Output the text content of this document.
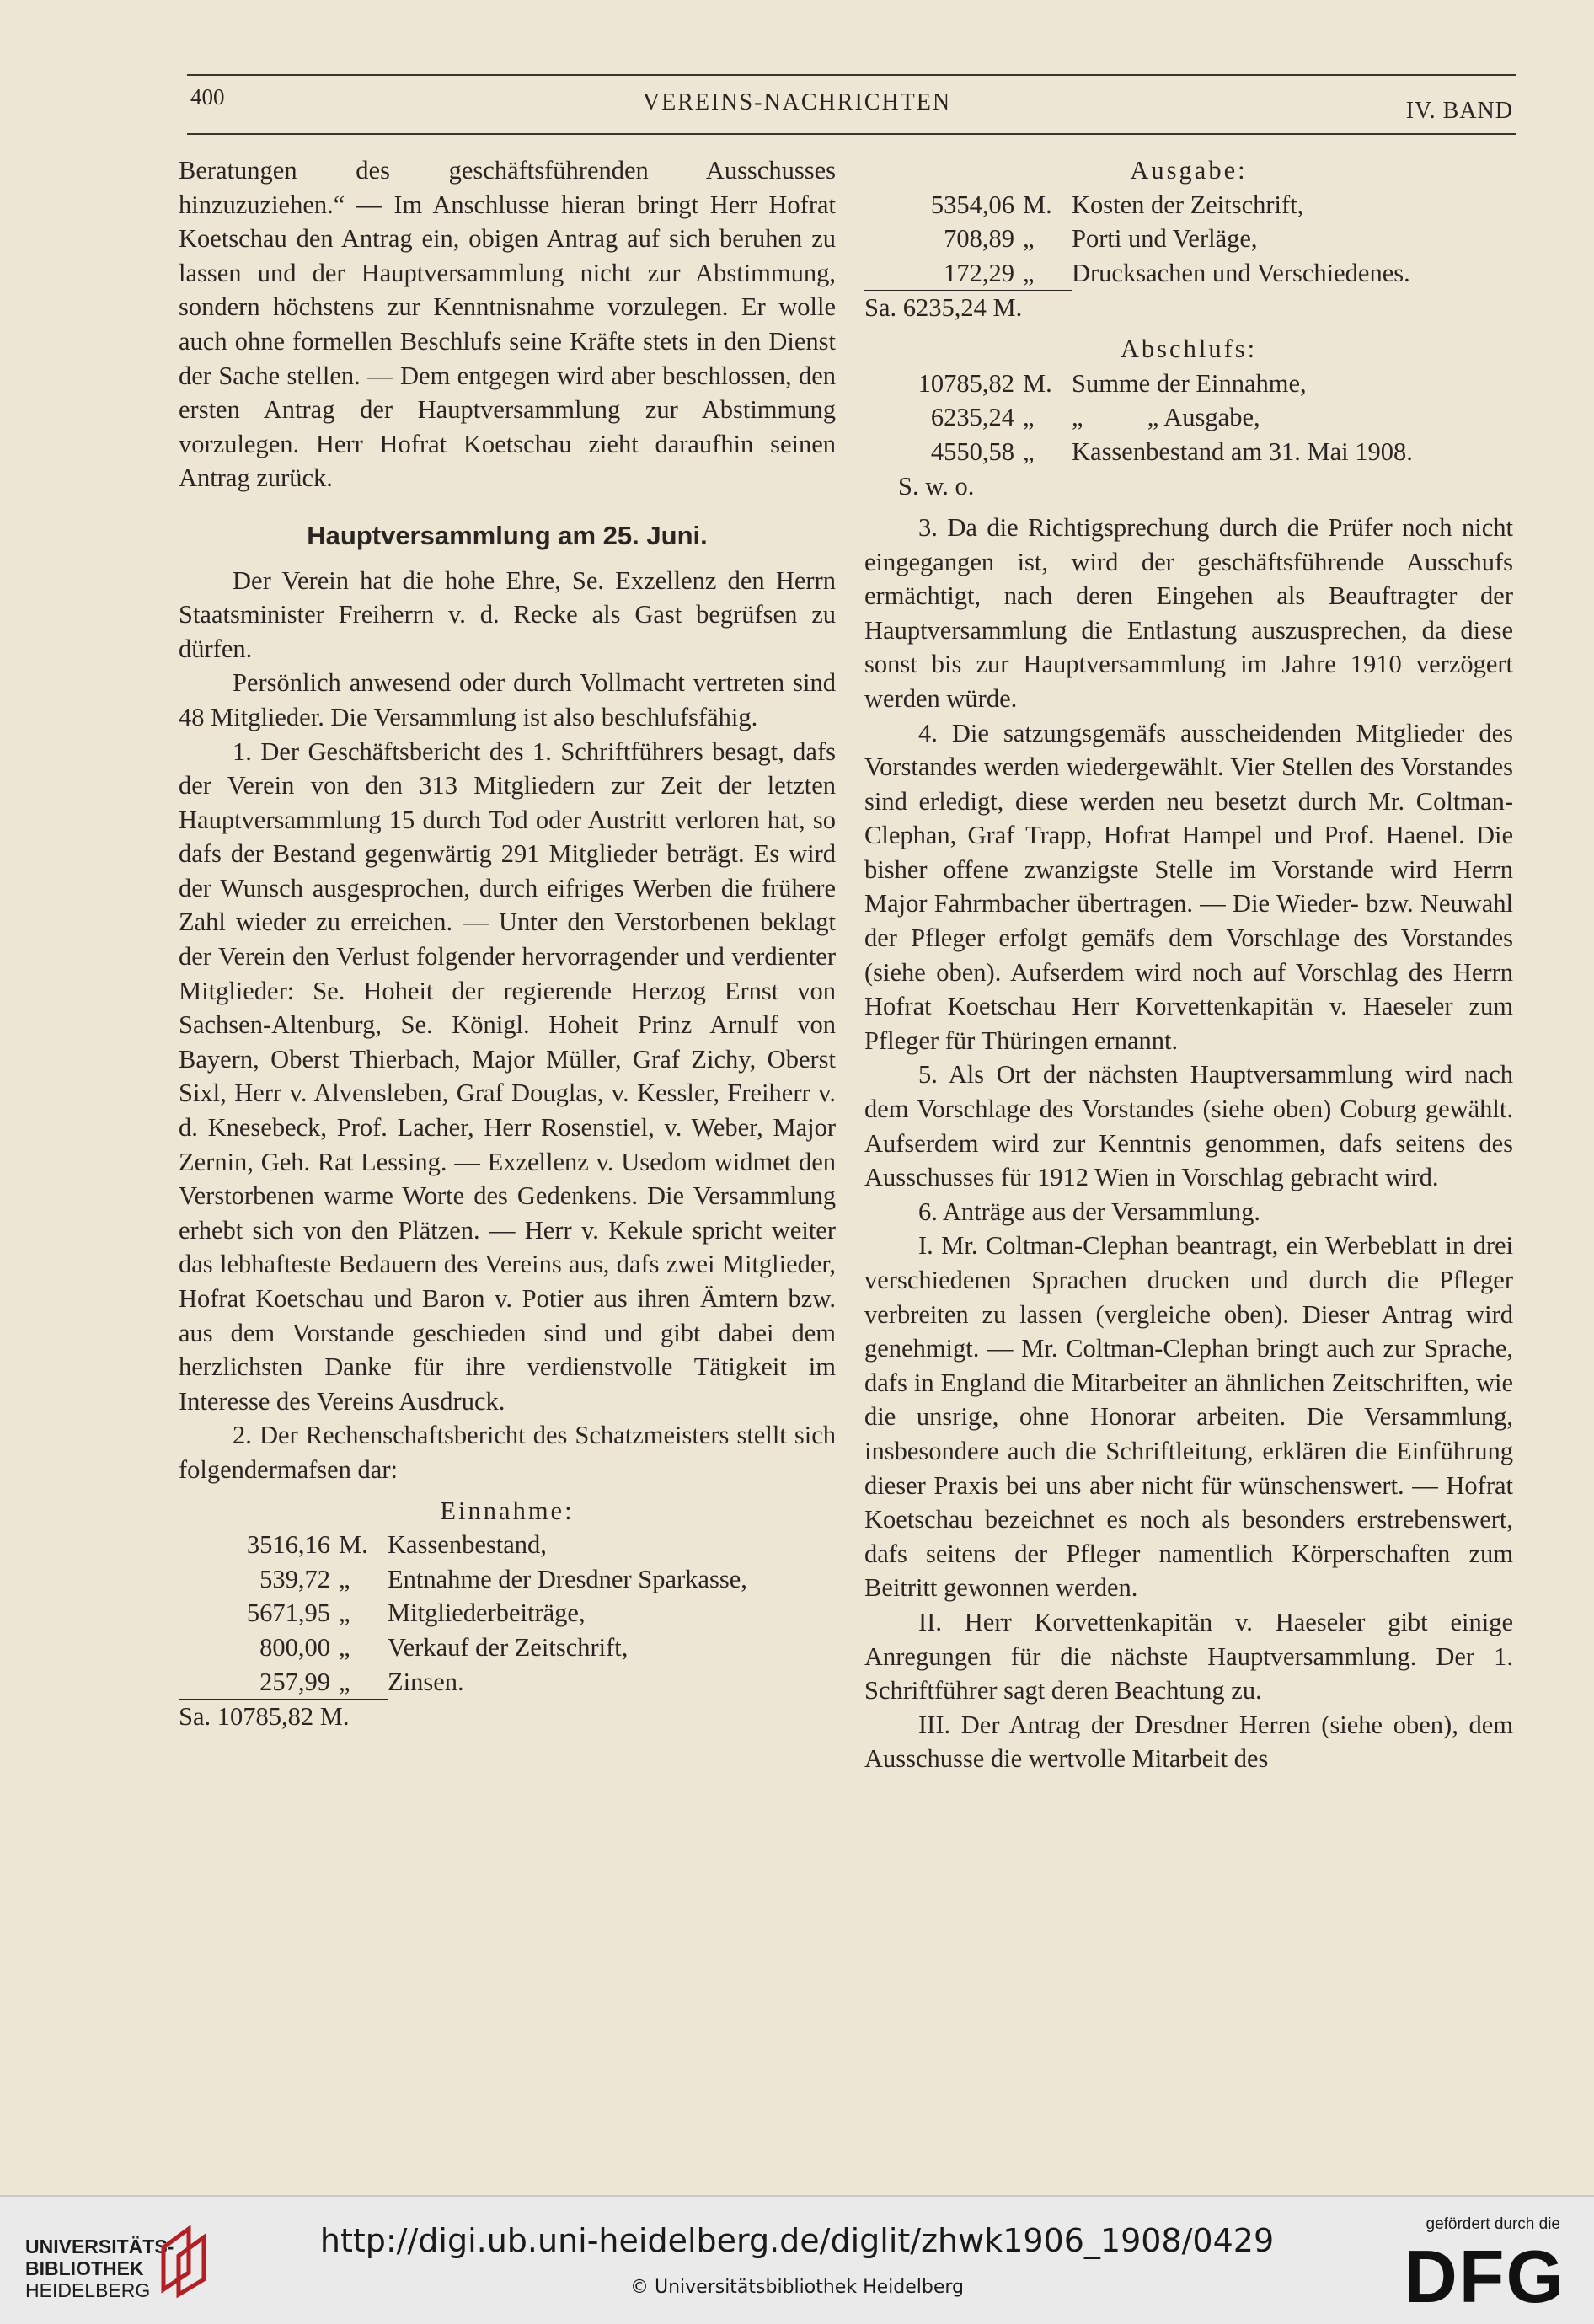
400	VEREINS-NACHRICHTEN	IV. BAND

Beratungen des geschäftsführenden Ausschusses hinzuzuziehen.“ — Im Anschlusse hieran bringt Herr Hofrat Koetschau den Antrag ein, obigen Antrag auf sich beruhen zu lassen und der Hauptversammlung nicht zur Abstimmung, sondern höchstens zur Kenntnisnahme vorzulegen. Er wolle auch ohne formellen Beschlufs seine Kräfte stets in den Dienst der Sache stellen. — Dem entgegen wird aber beschlossen, den ersten Antrag der Hauptversammlung zur Abstimmung vorzulegen. Herr Hofrat Koetschau zieht daraufhin seinen Antrag zurück.

Hauptversammlung am 25. Juni.

Der Verein hat die hohe Ehre, Se. Exzellenz den Herrn Staatsminister Freiherrn v. d. Recke als Gast begrüfsen zu dürfen.

Persönlich anwesend oder durch Vollmacht vertreten sind 48 Mitglieder. Die Versammlung ist also beschlufsfähig.

1. Der Geschäftsbericht des 1. Schriftführers besagt, dafs der Verein von den 313 Mitgliedern zur Zeit der letzten Hauptversammlung 15 durch Tod oder Austritt verloren hat, so dafs der Bestand gegenwärtig 291 Mitglieder beträgt. Es wird der Wunsch ausgesprochen, durch eifriges Werben die frühere Zahl wieder zu erreichen. — Unter den Verstorbenen beklagt der Verein den Verlust folgender hervorragender und verdienter Mitglieder: Se. Hoheit der regierende Herzog Ernst von Sachsen-Altenburg, Se. Königl. Hoheit Prinz Arnulf von Bayern, Oberst Thierbach, Major Müller, Graf Zichy, Oberst Sixl, Herr v. Alvensleben, Graf Douglas, v. Kessler, Freiherr v. d. Knesebeck, Prof. Lacher, Herr Rosenstiel, v. Weber, Major Zernin, Geh. Rat Lessing. — Exzellenz v. Usedom widmet den Verstorbenen warme Worte des Gedenkens. Die Versammlung erhebt sich von den Plätzen. — Herr v. Kekule spricht weiter das lebhafteste Bedauern des Vereins aus, dafs zwei Mitglieder, Hofrat Koetschau und Baron v. Potier aus ihren Ämtern bzw. aus dem Vorstande geschieden sind und gibt dabei dem herzlichsten Danke für ihre verdienstvolle Tätigkeit im Interesse des Vereins Ausdruck.

2. Der Rechenschaftsbericht des Schatzmeisters stellt sich folgendermafsen dar:

Einnahme:

3516,16 M. Kassenbestand,
539,72 „	Entnahme der Dresdner Sparkasse,
5671,95 „	Mitgliederbeiträge,
800,00 „	Verkauf der Zeitschrift,
257,99 „	Zinsen.
Sa. 10785,82 M.

Ausgabe:

5354,06 M. Kosten der Zeitschrift,
708,89 „	Porti und Verläge,
172,29 „	Drucksachen und Verschiedenes.
Sa. 6235,24 M.

Abschlufs:

10785,82 M. Summe der Einnahme,
6235,24 „	„          „ Ausgabe,
4550,58 „	Kassenbestand am 31. Mai 1908.
S. w. o.

3. Da die Richtigsprechung durch die Prüfer noch nicht eingegangen ist, wird der geschäftsführende Ausschufs ermächtigt, nach deren Eingehen als Beauftragter der Hauptversammlung die Entlastung auszusprechen, da diese sonst bis zur Hauptversammlung im Jahre 1910 verzögert werden würde.

4. Die satzungsgemäfs ausscheidenden Mitglieder des Vorstandes werden wiedergewählt. Vier Stellen des Vorstandes sind erledigt, diese werden neu besetzt durch Mr. Coltman-Clephan, Graf Trapp, Hofrat Hampel und Prof. Haenel. Die bisher offene zwanzigste Stelle im Vorstande wird Herrn Major Fahrmbacher übertragen. — Die Wieder- bzw. Neuwahl der Pfleger erfolgt gemäfs dem Vorschlage des Vorstandes (siehe oben). Aufserdem wird noch auf Vorschlag des Herrn Hofrat Koetschau Herr Korvettenkapitän v. Haeseler zum Pfleger für Thüringen ernannt.

5. Als Ort der nächsten Hauptversammlung wird nach dem Vorschlage des Vorstandes (siehe oben) Coburg gewählt. Aufserdem wird zur Kenntnis genommen, dafs seitens des Ausschusses für 1912 Wien in Vorschlag gebracht wird.

6. Anträge aus der Versammlung.

I. Mr. Coltman-Clephan beantragt, ein Werbeblatt in drei verschiedenen Sprachen drucken und durch die Pfleger verbreiten zu lassen (vergleiche oben). Dieser Antrag wird genehmigt. — Mr. Coltman-Clephan bringt auch zur Sprache, dafs in England die Mitarbeiter an ähnlichen Zeitschriften, wie die unsrige, ohne Honorar arbeiten. Die Versammlung, insbesondere auch die Schriftleitung, erklären die Einführung dieser Praxis bei uns aber nicht für wünschenswert. — Hofrat Koetschau bezeichnet es noch als besonders erstrebenswert, dafs seitens der Pfleger namentlich Körperschaften zum Beitritt gewonnen werden.

II. Herr Korvettenkapitän v. Haeseler gibt einige Anregungen für die nächste Hauptversammlung. Der 1. Schriftführer sagt deren Beachtung zu.

III. Der Antrag der Dresdner Herren (siehe oben), dem Ausschusse die wertvolle Mitarbeit des

UNIVERSITÄTS-
BIBLIOTHEK
HEIDELBERG
http://digi.ub.uni-heidelberg.de/diglit/zhwk1906_1908/0429
© Universitätsbibliothek Heidelberg
gefördert durch die
DFG
